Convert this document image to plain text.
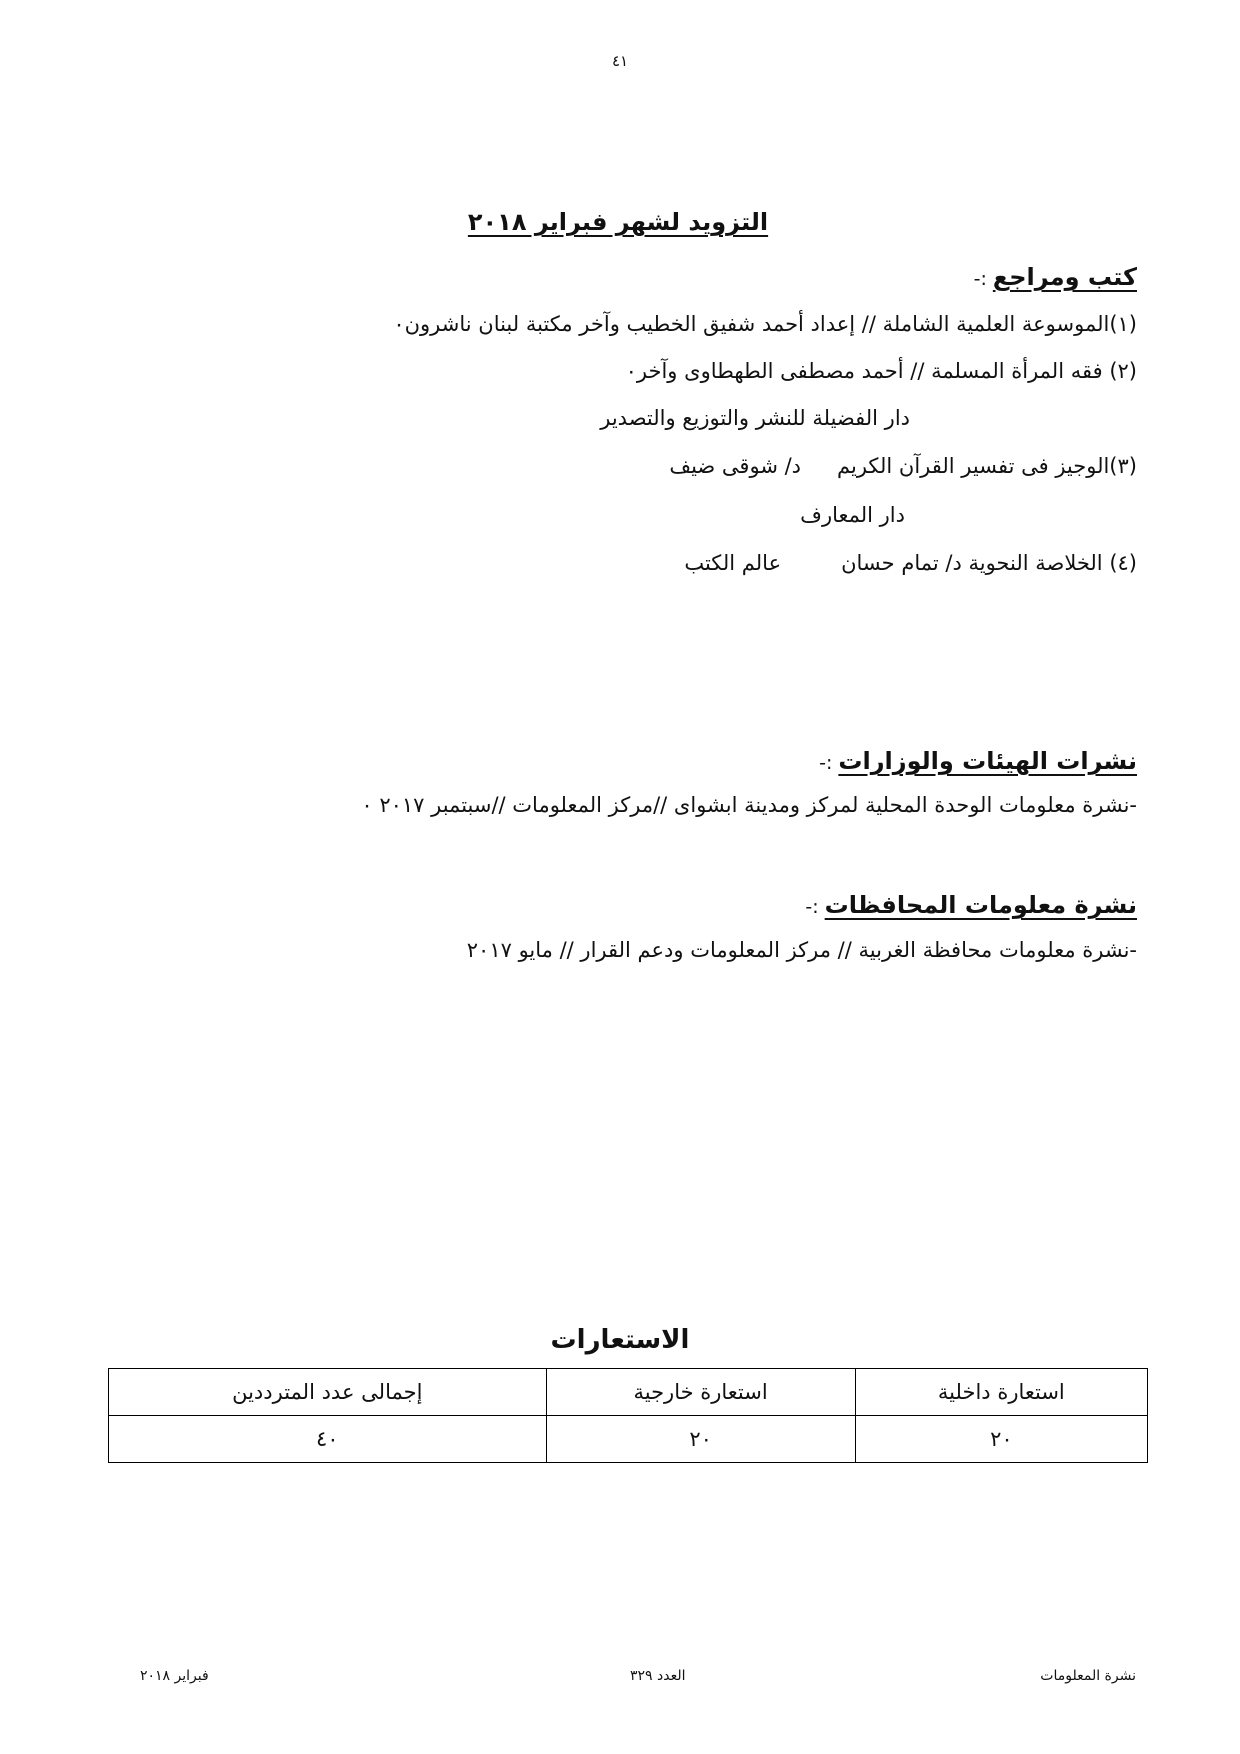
٤١
التزويد لشهر فبراير ٢٠١٨
كتب ومراجع:-
(١)الموسوعة العلمية الشاملة // إعداد أحمد شفيق الخطيب وآخر مكتبة لبنان ناشرون٠
(٢) فقه المرأة المسلمة // أحمد مصطفى الطهطاوى وآخر٠
دار الفضيلة للنشر والتوزيع والتصدير
(٣)الوجيز فى تفسير القرآن الكريمد/ شوقى ضيف
دار المعارف
(٤) الخلاصة النحوية د/ تمام حسانعالم الكتب
نشرات الهيئات والوزارات:-
-نشرة معلومات الوحدة المحلية لمركز ومدينة ابشواى //مركز المعلومات //سبتمبر ٢٠١٧ ٠
نشرة معلومات المحافظات:-
-نشرة معلومات محافظة الغربية // مركز المعلومات ودعم القرار // مايو ٢٠١٧
الاستعارات
استعارة داخلية	استعارة خارجية	إجمالى عدد المترددين
٢٠	٢٠	٤٠
نشرة المعلومات
العدد ٣٢٩
فبراير ٢٠١٨
